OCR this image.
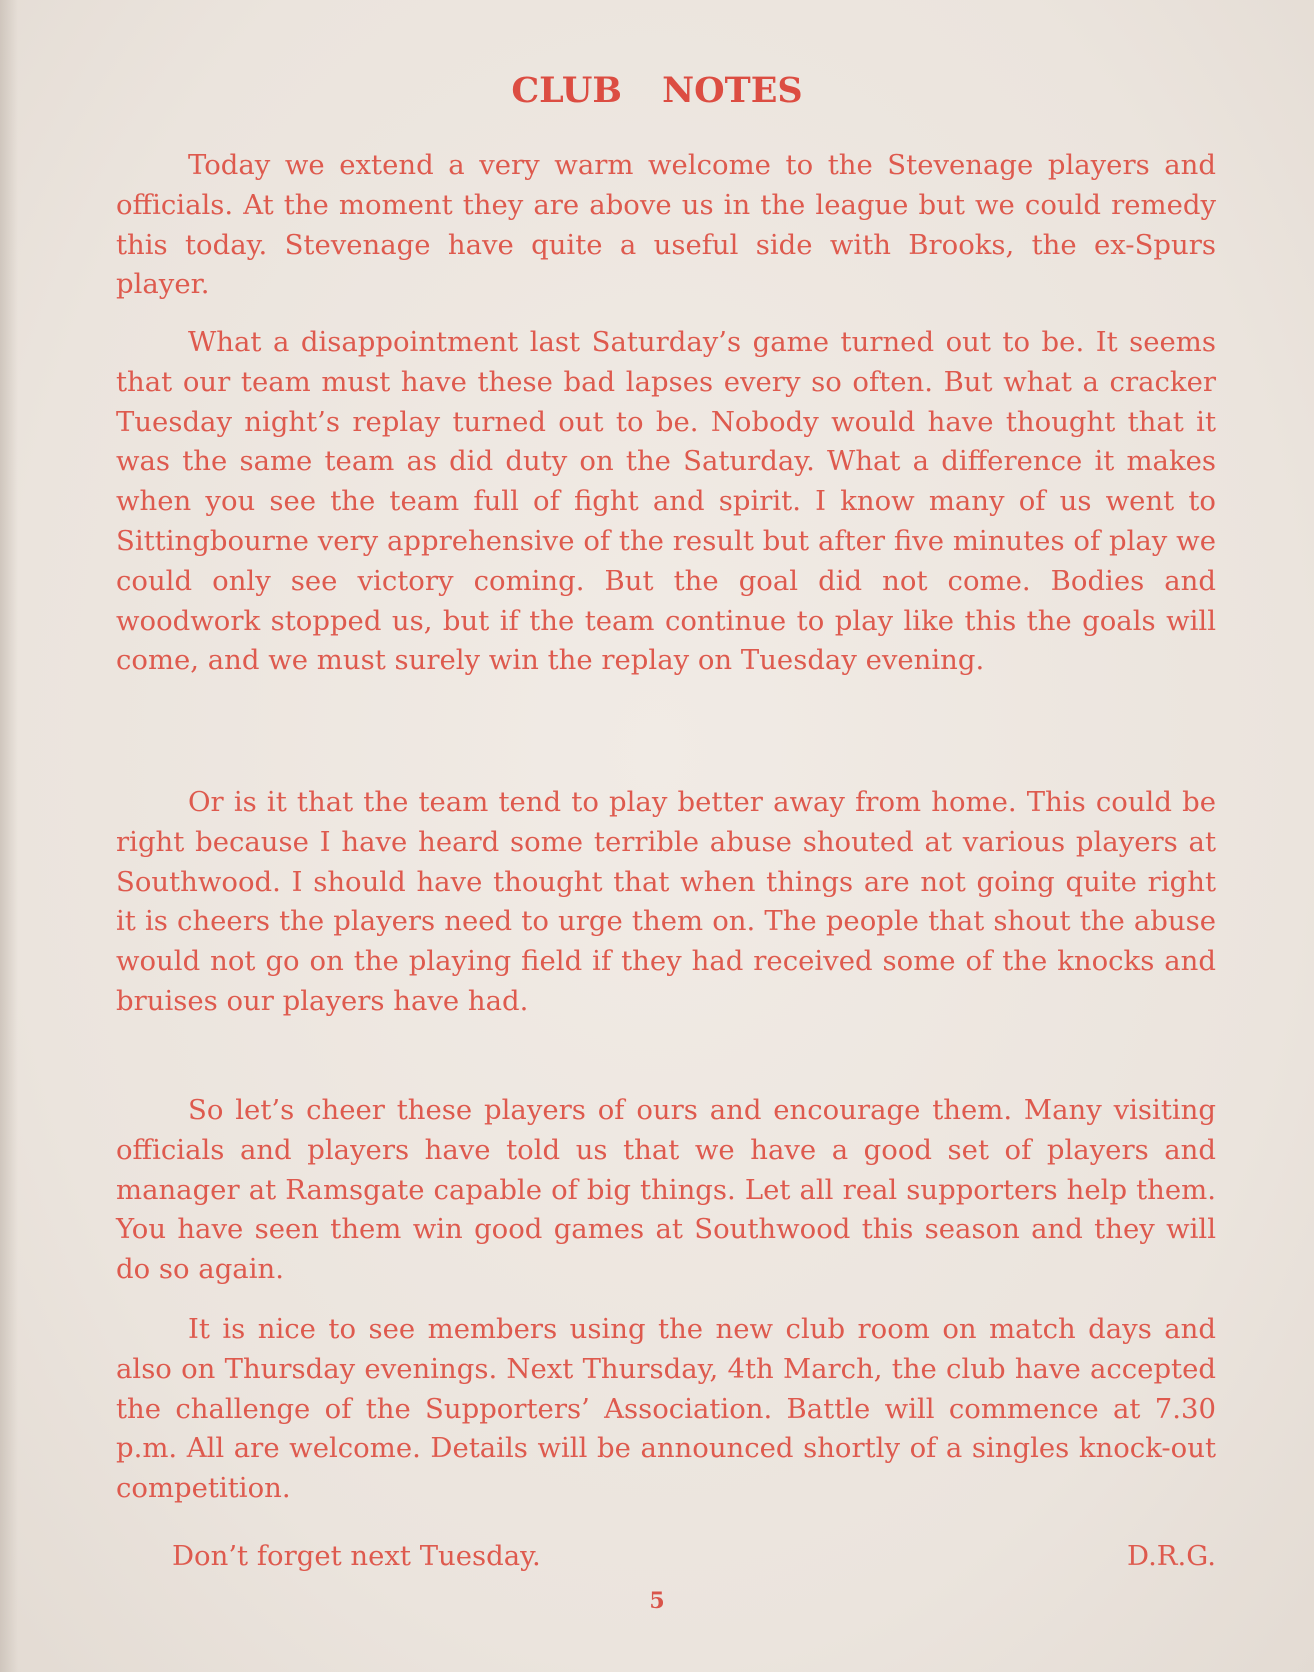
CLUB NOTES

Today we extend a very warm welcome to the Stevenage players and officials. At the moment they are above us in the league but we could remedy this today. Stevenage have quite a useful side with Brooks, the ex-Spurs player.

What a disappointment last Saturday’s game turned out to be. It seems that our team must have these bad lapses every so often. But what a cracker Tuesday night’s replay turned out to be. Nobody would have thought that it was the same team as did duty on the Saturday. What a difference it makes when you see the team full of fight and spirit. I know many of us went to Sittingbourne very apprehensive of the result but after five minutes of play we could only see victory coming. But the goal did not come. Bodies and woodwork stopped us, but if the team continue to play like this the goals will come, and we must surely win the replay on Tuesday evening.

Or is it that the team tend to play better away from home. This could be right because I have heard some terrible abuse shouted at various players at Southwood. I should have thought that when things are not going quite right it is cheers the players need to urge them on. The people that shout the abuse would not go on the playing field if they had received some of the knocks and bruises our players have had.

So let’s cheer these players of ours and encourage them. Many visiting officials and players have told us that we have a good set of players and manager at Ramsgate capable of big things. Let all real supporters help them. You have seen them win good games at Southwood this season and they will do so again.

It is nice to see members using the new club room on match days and also on Thursday evenings. Next Thursday, 4th March, the club have accepted the challenge of the Supporters’ Association. Battle will commence at 7.30 p.m. All are welcome. Details will be announced shortly of a singles knock-out competition.

Don’t forget next Tuesday.	D.R.G.
5
